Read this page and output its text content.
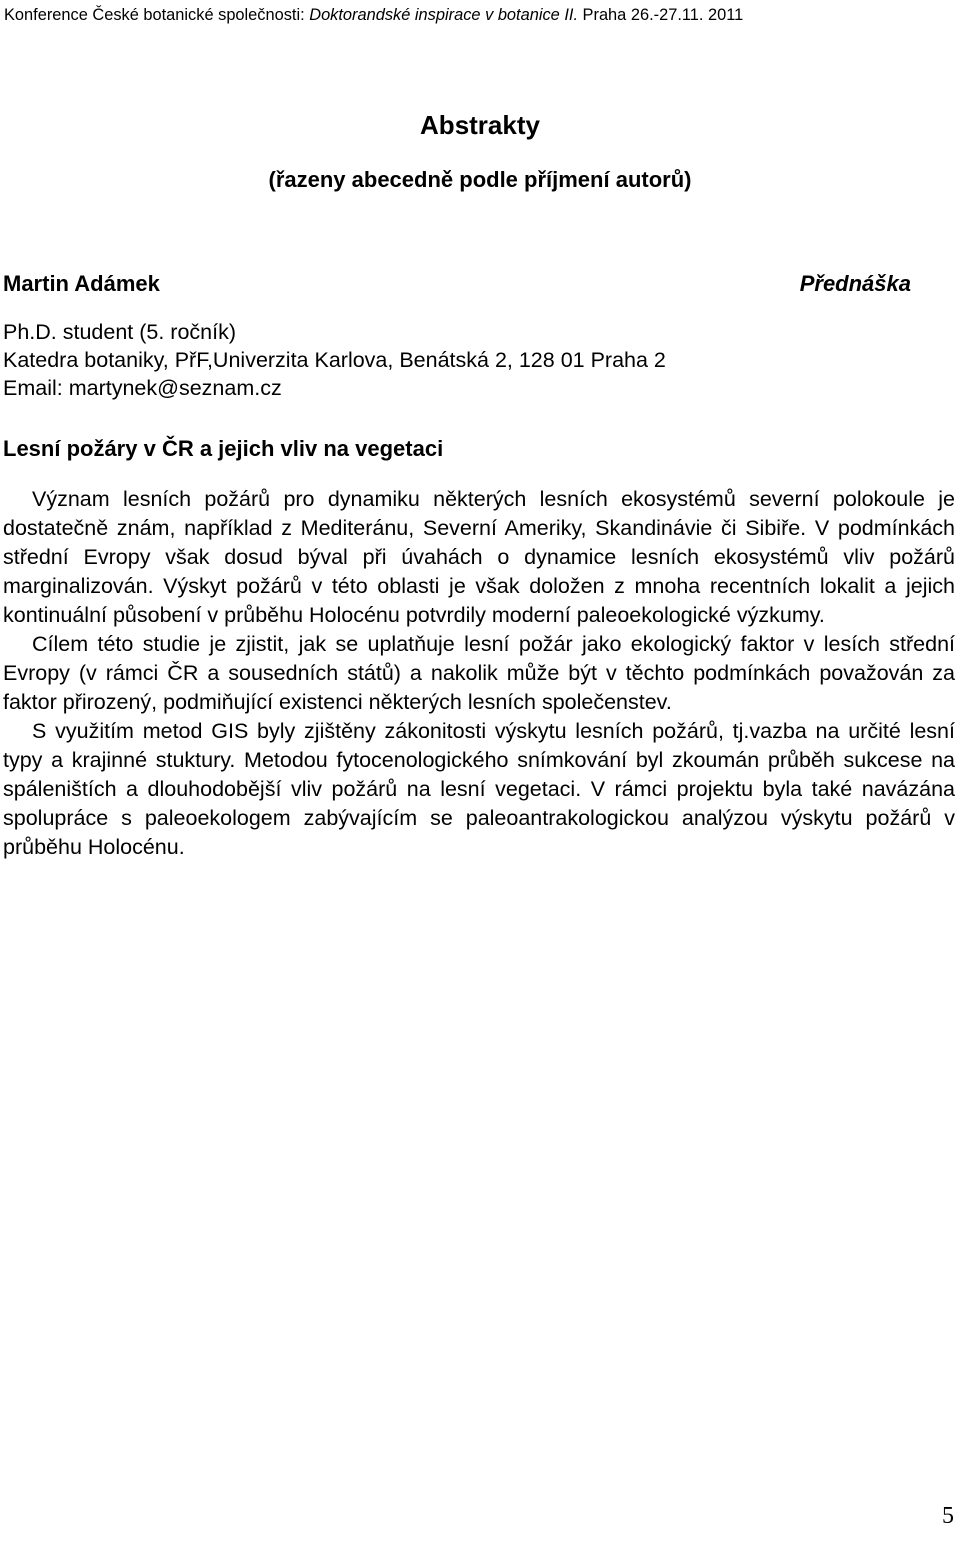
Konference České botanické společnosti: Doktorandské inspirace v botanice II. Praha 26.-27.11. 2011
Abstrakty
(řazeny abecedně podle příjmení autorů)
Martin Adámek	Přednáška
Ph.D. student (5. ročník)
Katedra botaniky, PřF,Univerzita Karlova, Benátská 2, 128 01 Praha 2
Email: martynek@seznam.cz
Lesní požáry v ČR a jejich vliv na vegetaci

Význam lesních požárů pro dynamiku některých lesních ekosystémů severní polokoule je dostatečně znám, například z Mediteránu, Severní Ameriky, Skandinávie či Sibiře. V podmínkách střední Evropy však dosud býval při úvahách o dynamice lesních ekosystémů vliv požárů marginalizován. Výskyt požárů v této oblasti je však doložen z mnoha recentních lokalit a jejich kontinuální působení v průběhu Holocénu potvrdily moderní paleoekologické výzkumy.

Cílem této studie je zjistit, jak se uplatňuje lesní požár jako ekologický faktor v lesích střední Evropy (v rámci ČR a sousedních států) a nakolik může být v těchto podmínkách považován za faktor přirozený, podmiňující existenci některých lesních společenstev.

S využitím metod GIS byly zjištěny zákonitosti výskytu lesních požárů, tj.vazba na určité lesní typy a krajinné stuktury. Metodou fytocenologického snímkování byl zkoumán průběh sukcese na spáleništích a dlouhodobější vliv požárů na lesní vegetaci. V rámci projektu byla také navázána spolupráce s paleoekologem zabývajícím se paleoantrakologickou analýzou výskytu požárů v průběhu Holocénu.

5
